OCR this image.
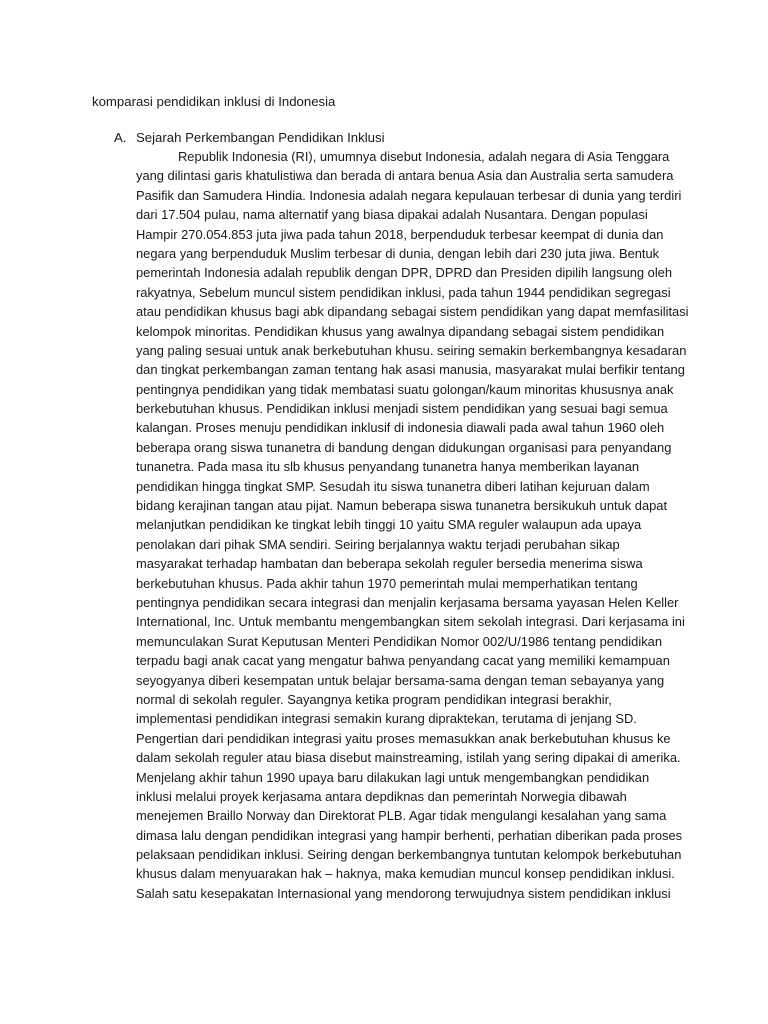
komparasi pendidikan inklusi di Indonesia
A. Sejarah Perkembangan Pendidikan Inklusi
Republik Indonesia (RI), umumnya disebut Indonesia, adalah negara di Asia Tenggara
yang dilintasi garis khatulistiwa dan berada di antara benua Asia dan Australia serta samudera
Pasifik dan Samudera Hindia. Indonesia adalah negara kepulauan terbesar di dunia yang terdiri
dari 17.504 pulau, nama alternatif yang biasa dipakai adalah Nusantara. Dengan populasi
Hampir 270.054.853 juta jiwa pada tahun 2018, berpenduduk terbesar keempat di dunia dan
negara yang berpenduduk Muslim terbesar di dunia, dengan lebih dari 230 juta jiwa. Bentuk
pemerintah Indonesia adalah republik dengan DPR, DPRD dan Presiden dipilih langsung oleh
rakyatnya, Sebelum muncul sistem pendidikan inklusi, pada tahun 1944 pendidikan segregasi
atau pendidikan khusus bagi abk dipandang sebagai sistem pendidikan yang dapat memfasilitasi
kelompok minoritas. Pendidikan khusus yang awalnya dipandang sebagai sistem pendidikan
yang paling sesuai untuk anak berkebutuhan khusu. seiring semakin berkembangnya kesadaran
dan tingkat perkembangan zaman tentang hak asasi manusia, masyarakat mulai berfikir tentang
pentingnya pendidikan yang tidak membatasi suatu golongan/kaum minoritas khususnya anak
berkebutuhan khusus. Pendidikan inklusi menjadi sistem pendidikan yang sesuai bagi semua
kalangan. Proses menuju pendidikan inklusif di indonesia diawali pada awal tahun 1960 oleh
beberapa orang siswa tunanetra di bandung dengan didukungan organisasi para penyandang
tunanetra. Pada masa itu slb khusus penyandang tunanetra hanya memberikan layanan
pendidikan hingga tingkat SMP. Sesudah itu siswa tunanetra diberi latihan kejuruan dalam
bidang kerajinan tangan atau pijat. Namun beberapa siswa tunanetra bersikukuh untuk dapat
melanjutkan pendidikan ke tingkat lebih tinggi 10 yaitu SMA reguler walaupun ada upaya
penolakan dari pihak SMA sendiri. Seiring berjalannya waktu terjadi perubahan sikap
masyarakat terhadap hambatan dan beberapa sekolah reguler bersedia menerima siswa
berkebutuhan khusus. Pada akhir tahun 1970 pemerintah mulai memperhatikan tentang
pentingnya pendidikan secara integrasi dan menjalin kerjasama bersama yayasan Helen Keller
International, Inc. Untuk membantu mengembangkan sitem sekolah integrasi. Dari kerjasama ini
memunculakan Surat Keputusan Menteri Pendidikan Nomor 002/U/1986 tentang pendidikan
terpadu bagi anak cacat yang mengatur bahwa penyandang cacat yang memiliki kemampuan
seyogyanya diberi kesempatan untuk belajar bersama-sama dengan teman sebayanya yang
normal di sekolah reguler. Sayangnya ketika program pendidikan integrasi berakhir,
implementasi pendidikan integrasi semakin kurang dipraktekan, terutama di jenjang SD.
Pengertian dari pendidikan integrasi yaitu proses memasukkan anak berkebutuhan khusus ke
dalam sekolah reguler atau biasa disebut mainstreaming, istilah yang sering dipakai di amerika.
Menjelang akhir tahun 1990 upaya baru dilakukan lagi untuk mengembangkan pendidikan
inklusi melalui proyek kerjasama antara depdiknas dan pemerintah Norwegia dibawah
menejemen Braillo Norway dan Direktorat PLB. Agar tidak mengulangi kesalahan yang sama
dimasa lalu dengan pendidikan integrasi yang hampir berhenti, perhatian diberikan pada proses
pelaksaan pendidikan inklusi. Seiring dengan berkembangnya tuntutan kelompok berkebutuhan
khusus dalam menyuarakan hak – haknya, maka kemudian muncul konsep pendidikan inklusi.
Salah satu kesepakatan Internasional yang mendorong terwujudnya sistem pendidikan inklusi
